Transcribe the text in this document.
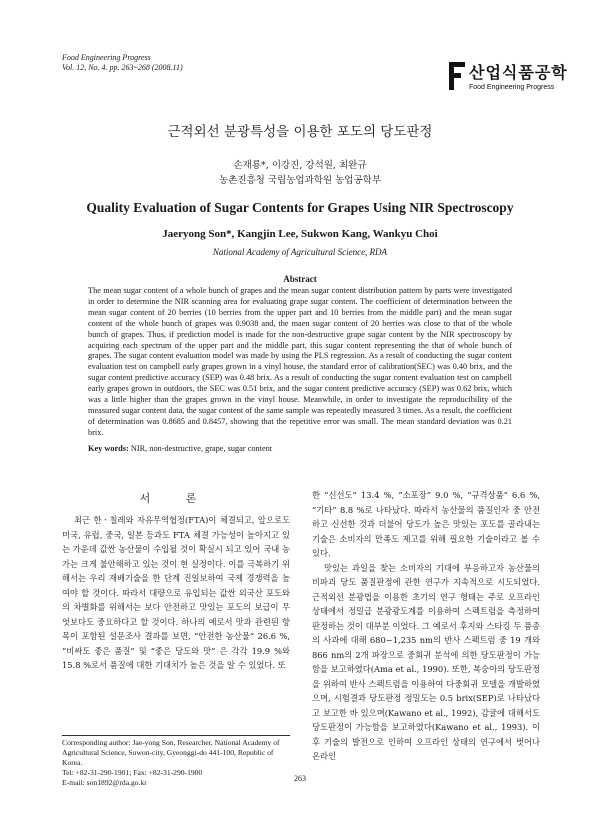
Food Engineering Progress
Vol. 12, No. 4. pp. 263~268 (2008.11)	산업식품공학
Food Engineering Progress
근적외선 분광특성을 이용한 포도의 당도판정
손재룡*, 이강진, 강석원, 최완규
농촌진흥청 국립농업과학원 농업공학부
Quality Evaluation of Sugar Contents for Grapes Using NIR Spectroscopy
Jaeryong Son*, Kangjin Lee, Sukwon Kang, Wankyu Choi
National Academy of Agricultural Science, RDA
Abstract
The mean sugar content of a whole bunch of grapes and the mean sugar content distribution pattern by parts were investigated in order to determine the NIR scanning area for evaluating grape sugar content. The coefficient of determination between the mean sugar content of 20 berries (10 berries from the upper part and 10 berries from the middle part) and the mean sugar content of the whole bunch of grapes was 0.9038 and, the maen sugar content of 20 berries was close to that of the whole bunch of grapes. Thus, if prediction model is made for the non-destructive grape sugar content by the NIR spectroscopy by acquiring each spectrum of the upper part and the middle part, this sugar content representing the that of whole bunch of grapes. The sugar content evaluation model was made by using the PLS regression. As a result of conducting the sugar content evaluation test on campbell early grapes grown in a vinyl house, the standard error of calibration(SEC) was 0.40 brix, and the sugar content predictive accuracy (SEP) was 0.48 brix. As a result of conducting the sugar content evaluation test on campbell early grapes grown in outdoors, the SEC was 0.51 brix, and the sugar content predictive accuracy (SEP) was 0.62 brix, which was a little higher than the grapes grown in the vinyl house. Meanwhile, in order to investigate the reproducibility of the measured sugar content data, the sugar content of the same sample was repeatedly measured 3 times. As a result, the coefficient of determination was 0.8685 and 0.8457, showing that the repetitive error was small. The mean standard deviation was 0.21 brix.
Key words: NIR, non-destructive, grape, sugar content
서 론

최근 한ㆍ칠레와 자유무역협정(FTA)이 체결되고, 앞으로도 미국, 유럽, 중국, 일본 등과도 FTA 체결 가능성이 높아지고 있는 가운데 값싼 농산물이 수입될 것이 확실시 되고 있어 국내 농가는 크게 불안해하고 있는 것이 현 실정이다. 이를 극복하기 위해서는 우리 재배기술을 한 단계 진일보하여 국제 경쟁력을 높여야 할 것이다. 따라서 대량으로 유입되는 값싼 외국산 포도와의 차별화를 위해서는 보다 안전하고 맛있는 포도의 보급이 무엇보다도 중요하다고 할 것이다. 하나의 예로서 맛과 관련된 항목이 포함된 설문조사 결과를 보면, “안전한 농산물” 26.6 %, “비싸도 좋은 품질” 및 “좋은 당도와 맛” 은 각각 19.9 %와 15.8 %로서 품질에 대한 기대치가 높은 것을 알 수 있었다. 또

한 “신선도” 13.4 %, “소포장” 9.0 %, “규격상품” 6.6 %, “기타” 8.8 %로 나타났다. 따라서 농산물의 품질인자 중 안전하고 신선한 것과 더불어 당도가 높은 맛있는 포도를 골라내는 기술은 소비자의 만족도 제고를 위해 필요한 기술이라고 볼 수 있다.

맛있는 과일을 찾는 소비자의 기대에 부응하고자 농산물의 비파괴 당도 품질판정에 관한 연구가 지속적으로 시도되었다. 근적외선 분광법을 이용한 초기의 연구 형태는 주로 오프라인 상태에서 정밀급 분광광도계를 이용하여 스펙트럼을 측정하여 판정하는 것이 대부분 이었다. 그 예로서 후지와 스타킹 두 품종의 사과에 대해 680~1,235 nm의 반사 스펙트럼 중 19 개와 866 nm의 2개 파장으로 중회귀 분석에 의한 당도판정이 가능함을 보고하였다(Ama et al., 1990). 또한, 복숭아의 당도판정을 위하여 반사 스펙트럼을 이용하여 다중회귀 모델을 개발하였으며, 시험결과 당도판정 정밀도는 0.5 brix(SEP)로 나타났다고 보고한 바 있으며(Kawano et al., 1992), 감귤에 대해서도 당도판정이 가능함을 보고하였다(Kawano et al., 1993). 이 후 기술의 발전으로 인하여 오프라인 상태의 연구에서 벗어나 온라인

Corresponding author: Jae-yong Son, Researcher, National Academy of Agricultural Science, Suwon-city, Gyeonggi-do 441-100, Republic of Korea.
Tel: +82-31-290-1901; Fax: +82-31-290-1900
E-mail: son1892@rda.go.kr	263
